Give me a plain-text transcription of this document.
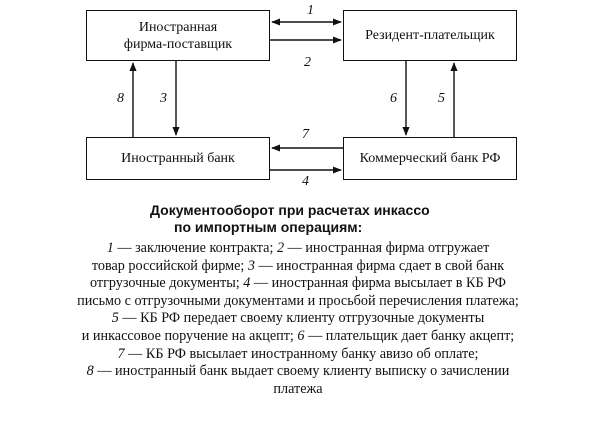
Иностранная
фирма-поставщик
Резидент-плательщик
Иностранный банк	Коммерческий банк РФ
1
2
3
8	6	5
7
4
Документооборот при расчетах инкассо
по импортным операциям:
1 — заключение контракта; 2 — иностранная фирма отгружает
товар российской фирме; 3 — иностранная фирма сдает в свой банк
отгрузочные документы; 4 — иностранная фирма высылает в КБ РФ
письмо с отгрузочными документами и просьбой перечисления платежа;
5 — КБ РФ передает своему клиенту отгрузочные документы
и инкассовое поручение на акцепт; 6 — плательщик дает банку акцепт;
7 — КБ РФ высылает иностранному банку авизо об оплате;
8 — иностранный банк выдает своему клиенту выписку о зачислении
платежа
